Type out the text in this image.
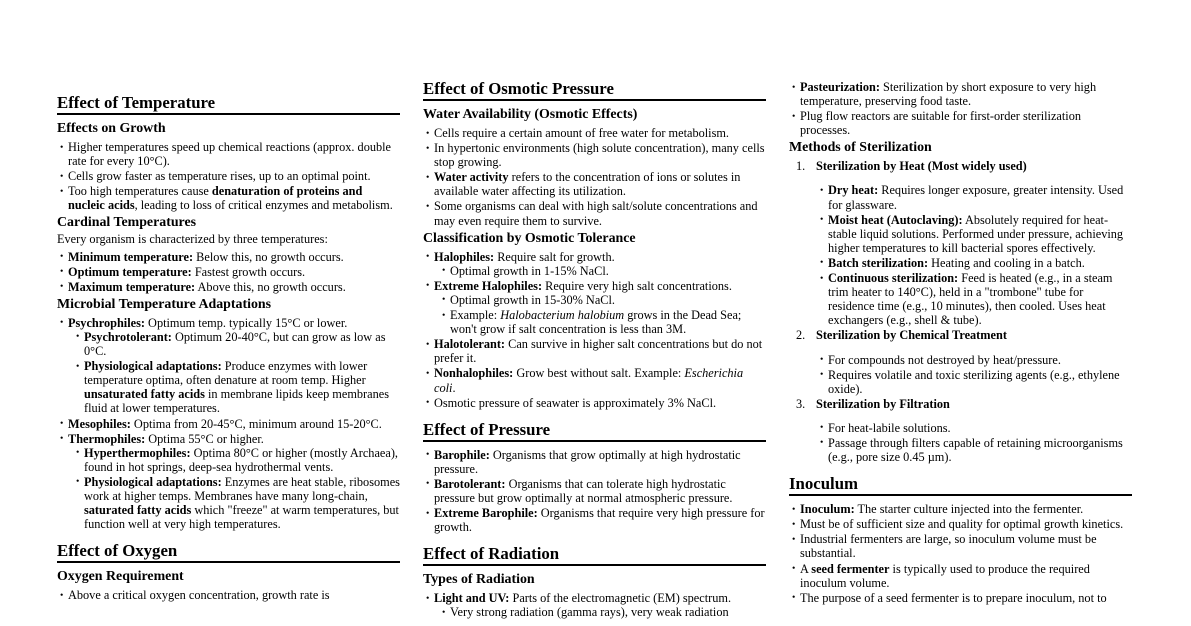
Effect of Temperature
Effects on Growth
• Higher temperatures speed up chemical reactions (approx. double rate for every 10°C).
• Cells grow faster as temperature rises, up to an optimal point.
• Too high temperatures cause denaturation of proteins and nucleic acids, leading to loss of critical enzymes and metabolism.
Cardinal Temperatures

Every organism is characterized by three temperatures:

• Minimum temperature: Below this, no growth occurs.
• Optimum temperature: Fastest growth occurs.
• Maximum temperature: Above this, no growth occurs.
Microbial Temperature Adaptations
• Psychrophiles: Optimum temp. typically 15°C or lower.
• Psychrotolerant: Optimum 20-40°C, but can grow as low as 0°C.
• Physiological adaptations: Produce enzymes with lower temperature optima, often denature at room temp. Higher unsaturated fatty acids in membrane lipids keep membranes fluid at lower temperatures.
• Mesophiles: Optima from 20-45°C, minimum around 15-20°C.
• Thermophiles: Optima 55°C or higher.
• Hyperthermophiles: Optima 80°C or higher (mostly Archaea), found in hot springs, deep-sea hydrothermal vents.
• Physiological adaptations: Enzymes are heat stable, ribosomes work at higher temps. Membranes have many long-chain, saturated fatty acids which "freeze" at warm temperatures, but function well at very high temperatures.
Effect of Oxygen
Oxygen Requirement
• Above a critical oxygen concentration, growth rate is
Effect of Osmotic Pressure
Water Availability (Osmotic Effects)
• Cells require a certain amount of free water for metabolism.
• In hypertonic environments (high solute concentration), many cells stop growing.
• Water activity refers to the concentration of ions or solutes in available water affecting its utilization.
• Some organisms can deal with high salt/solute concentrations and may even require them to survive.
Classification by Osmotic Tolerance
• Halophiles: Require salt for growth.
• Optimal growth in 1-15% NaCl.
• Extreme Halophiles: Require very high salt concentrations.
• Optimal growth in 15-30% NaCl.
• Example: Halobacterium halobium grows in the Dead Sea; won't grow if salt concentration is less than 3M.
• Halotolerant: Can survive in higher salt concentrations but do not prefer it.
• Nonhalophiles: Grow best without salt. Example: Escherichia coli.
• Osmotic pressure of seawater is approximately 3% NaCl.
Effect of Pressure
• Barophile: Organisms that grow optimally at high hydrostatic pressure.
• Barotolerant: Organisms that can tolerate high hydrostatic pressure but grow optimally at normal atmospheric pressure.
• Extreme Barophile: Organisms that require very high pressure for growth.
Effect of Radiation
Types of Radiation
• Light and UV: Parts of the electromagnetic (EM) spectrum.
• Very strong radiation (gamma rays), very weak radiation
• Pasteurization: Sterilization by short exposure to very high temperature, preserving food taste.
• Plug flow reactors are suitable for first-order sterilization processes.
Methods of Sterilization
Sterilization by Heat (Most widely used)
• Dry heat: Requires longer exposure, greater intensity. Used for glassware.
• Moist heat (Autoclaving): Absolutely required for heat-stable liquid solutions. Performed under pressure, achieving higher temperatures to kill bacterial spores effectively.
• Batch sterilization: Heating and cooling in a batch.
• Continuous sterilization: Feed is heated (e.g., in a steam trim heater to 140°C), held in a "trombone" tube for residence time (e.g., 10 minutes), then cooled. Uses heat exchangers (e.g., shell & tube).
Sterilization by Chemical Treatment
• For compounds not destroyed by heat/pressure.
• Requires volatile and toxic sterilizing agents (e.g., ethylene oxide).
Sterilization by Filtration
• For heat-labile solutions.
• Passage through filters capable of retaining microorganisms (e.g., pore size 0.45 µm).
Inoculum
• Inoculum: The starter culture injected into the fermenter.
• Must be of sufficient size and quality for optimal growth kinetics.
• Industrial fermenters are large, so inoculum volume must be substantial.
• A seed fermenter is typically used to produce the required inoculum volume.
• The purpose of a seed fermenter is to prepare inoculum, not to
